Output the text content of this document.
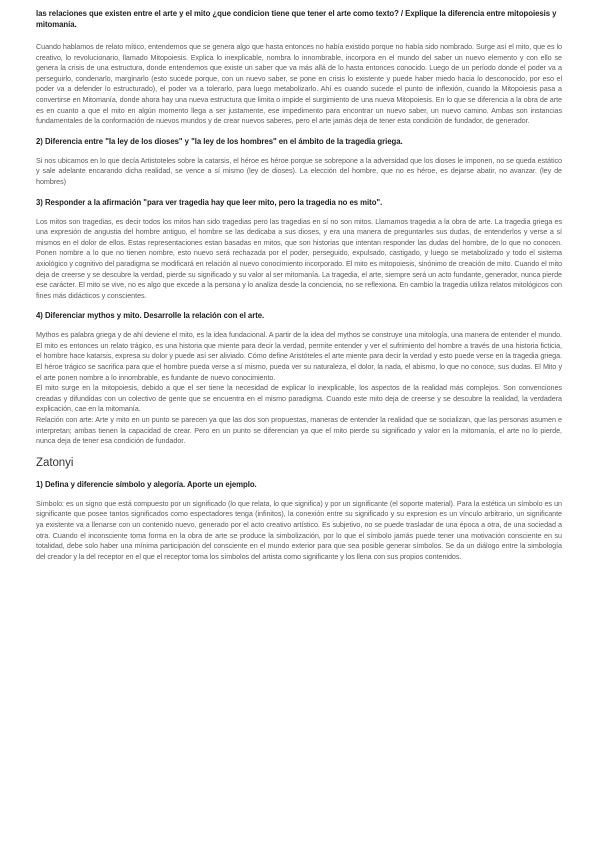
las relaciones que existen entre el arte y el mito ¿que condicion tiene que tener el arte como texto? / Explique la diferencia entre mitopoiesis y mitomanía.

Cuando hablamos de relato mítico, entendemos que se genera algo que hasta entonces no había existido porque no había sido nombrado. Surge así el mito, que es lo creativo, lo revolucionario, llamado Mitopoiesis. Explica lo inexplicable, nombra lo innombrable, incorpora en el mundo del saber un nuevo elemento y con ello se genera la crisis de una estructura, donde entendemos que existe un saber que va más allá de lo hasta entonces conocido. Luego de un período donde el poder va a perseguirlo, condenarlo, marginarlo (esto sucede porque, con un nuevo saber, se pone en crisis lo existente y puede haber miedo hacia lo desconocido, por eso el poder va a defender lo estructurado), el poder va a tolerarlo, para luego metabolizarlo. Ahí es cuando sucede el punto de inflexión, cuando la Mitopoiesis pasa a convertirse en Mitomanía, donde ahora hay una nueva estructura que limita o impide el surgimiento de una nueva Mitopoiesis. En lo que se diferencia a la obra de arte es en cuanto a que el mito en algún momento llega a ser justamente, ese impedimento para encontrar un nuevo saber, un nuevo camino. Ambas son instancias fundamentales de la conformación de nuevos mundos y de crear nuevos saberes, pero el arte jamás deja de tener esta condición de fundador, de generador.

2) Diferencia entre "la ley de los dioses" y "la ley de los hombres" en el ámbito de la tragedia griega.

Si nos ubicamos en lo que decía Artistoteles sobre la catarsis, el héroe es héroe porque se sobrepone a la adversidad que los dioses le imponen, no se queda estático y sale adelante encarando dicha realidad, se vence a sí mismo (ley de dioses). La elección del hombre, que no es héroe, es dejarse abatir, no avanzar. (ley de hombres)

3) Responder a la afirmación "para ver tragedia hay que leer mito, pero la tragedia no es mito".

Los mitos son tragedias, es decir todos los mitos han sido tragedias pero las tragedias en sí no son mitos. Llamamos tragedia a la obra de arte. La tragedia griega es una expresión de angustia del hombre antiguo, el hombre se las dedicaba a sus dioses, y era una manera de preguntarles sus dudas, de entenderlos y verse a sí mismos en el dolor de ellos. Estas representaciones estan basadas en mitos, que son historias que intentan responder las dudas del hombre, de lo que no conocen. Ponen nombre a lo que no tienen nombre, esto nuevo será rechazada por el poder, perseguido, expulsado, castigado, y luego se metabolizado y todo el sistema axiológico y cognitivo del paradigma se modificará en relación al nuevo conocimiento incorporado. El mito es mitopoiesis, sinónimo de creación de mito. Cuando el mito deja de creerse y se descubre la verdad, pierde su significado y su valor al ser mitomanía. La tragedia, el arte, siempre será un acto fundante, generador, nunca pierde ese carácter. El mito se vive, no es algo que excede a la persona y lo analiza desde la conciencia, no se reflexiona. En cambio la tragedia utiliza relatos mitológicos con fines más didácticos y conscientes.

4) Diferenciar mythos y mito. Desarrolle la relación con el arte.

Mythos es palabra griega y de ahí deviene el mito, es la idea fundacional. A partir de la idea del mythos se construye una mitología, una manera de entender el mundo. El mito es entonces un relato trágico, es una historia que miente para decir la verdad, permite entender y ver el sufrimiento del hombre a través de una historia ficticia, el hombre hace katarsis, expresa su dolor y puede así ser aliviado. Cómo define Aristóteles el arte miente para decir la verdad y esto puede verse en la tragedia griega. El héroe trágico se sacrifica para que el hombre pueda verse a sí mismo, pueda ver su naturaleza, el dolor, la nada, el abismo, lo que no conoce, sus dudas. El Mito y el arte ponen nombre a lo innombrable, es fundante de nuevo conocimiento.

El mito surge en la mitopoiesis, debido a que el ser tiene la necesidad de explicar lo inexplicable, los aspectos de la realidad más complejos. Son convenciones creadas y difundidas con un colectivo de gente que se encuentra en el mismo paradigma. Cuando este mito deja de creerse y se descubre la realidad, la verdadera explicación, cae en la mitomanía.

Relación con arte: Arte y mito en un punto se parecen ya que las dos son propuestas, maneras de entender la realidad que se socializan, que las personas asumen e interpretan; ambas tienen la capacidad de crear. Pero en un punto se diferencian ya que el mito pierde su significado y valor en la mitomanía, el arte no lo pierde, nunca deja de tener esa condición de fundador.

Zatonyi

1) Defina y diferencie símbolo y alegoría. Aporte un ejemplo.

Símbolo: es un signo que está compuesto por un significado (lo que relata, lo que significa) y por un significante (el soporte material). Para la estética un símbolo es un significante que posee tantos significados como espectadores tenga (infinitos), la conexión entre su significado y su expresion es un vínculo arbitrario, un significante ya existente va a llenarse con un contenido nuevo, generado por el acto creativo artístico. Es subjetivo, no se puede trasladar de una época a otra, de una sociedad a otra. Cuando el inconsciente toma forma en la obra de arte se produce la simbolización, por lo que el símbolo jamás puede tener una motivación consciente en su totalidad, debe solo haber una mínima participación del consciente en el mundo exterior para que sea posible generar símbolos. Se da un diálogo entre la simbología del creador y la del receptor en el que el receptor toma los símbolos del artista como significante y los llena con sus propios contenidos.
